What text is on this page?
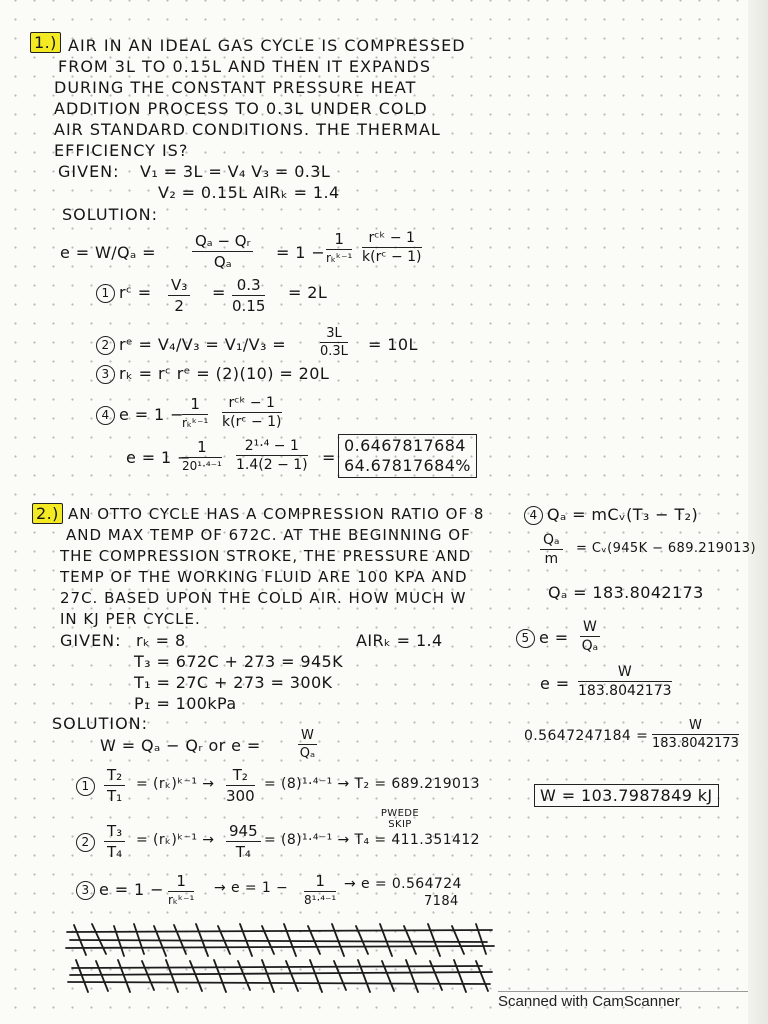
1.) AIR IN AN IDEAL GAS CYCLE IS COMPRESSED
FROM 3L TO 0.15L AND THEN IT EXPANDS
DURING THE CONSTANT PRESSURE HEAT
ADDITION PROCESS TO 0.3L UNDER COLD
AIR STANDARD CONDITIONS. THE THERMAL
EFFICIENCY IS?
GIVEN: V₁ = 3L = V₄ V₃ = 0.3L
V₂ = 0.15L AIRₖ = 1.4
SOLUTION:
$e = W/Q_a = \frac{\text{Qₐ − Qᵣ}}{\text{Qₐ}} = 1$ −
1
rₖᵏ⁻¹
rᶜᵏ − 1
k(rᶜ − 1)
1 rᶜ = $\frac{\text{V₃}}{2} = \frac{0.3}{0.15} = 2L$
2 rᵉ = V₄/V₃ = V₁/V₃ =	$\frac{3L}{0.3L} = 10L$
3 rₖ = rᶜ rᵉ = (2)(10) = 20L
4 e = 1 −
1
rₖᵏ⁻¹
rᶜᵏ − 1
k(rᶜ − 1)
e = 1 −
1
$20^1\cdot^{4-1} \frac{\text{2¹·⁴ − 1}}{1.4(2 - 1)}$ =
0.6467817684
64.67817684%
2.) AN OTTO CYCLE HAS A COMPRESSION RATIO OF 8
AND MAX TEMP OF 672C. AT THE BEGINNING OF
THE COMPRESSION STROKE, THE PRESSURE AND
TEMP OF THE WORKING FLUID ARE 100 KPA AND
27C. BASED UPON THE COLD AIR. HOW MUCH W
IN KJ PER CYCLE.
GIVEN: rₖ = 8	AIRₖ = 1.4
T₃ = 672C + 273 = 945K
T₁ = 27C + 273 = 300K
P₁ = 100kPa
SOLUTION:
W = Qₐ − Qᵣ or e =	$\frac{W}{\text{Qₐ}}$
$1 \frac{\text{T₂}}{\text{T₁}}$ = (rₖ)ᵏ⁻¹ → $\frac{\text{T₂}}{300} = (8)^1\cdot^{4-1} \to T_2 = 689.219013$
PWEDE SKIP
$2 \frac{\text{T₃}}{\text{T₄}}$ = (rₖ)ᵏ⁻¹ → $\frac{945}{\text{T₄}} = (8)^1\cdot^{4-1} \to T_4 = 411.351412$
3 e = 1 − 1
rₖᵏ⁻¹
→ e = 1 −	1
8¹·⁴⁻¹
→ e = 0.564724
7184
4 Qₐ = mCᵥ(T₃ − T₂)
$\frac{\text{Qₐ}}{m}$ = Cᵥ(945K − 689.219013)
Qₐ = 183.8042173
5 $e = \frac{W}{\text{Qₐ}}$
$e = \frac{W}{183.8042173}$
$0.5647247184 = \frac{W}{183.8042173}$
W = 103.7987849 kJ
Scanned with CamScanner
